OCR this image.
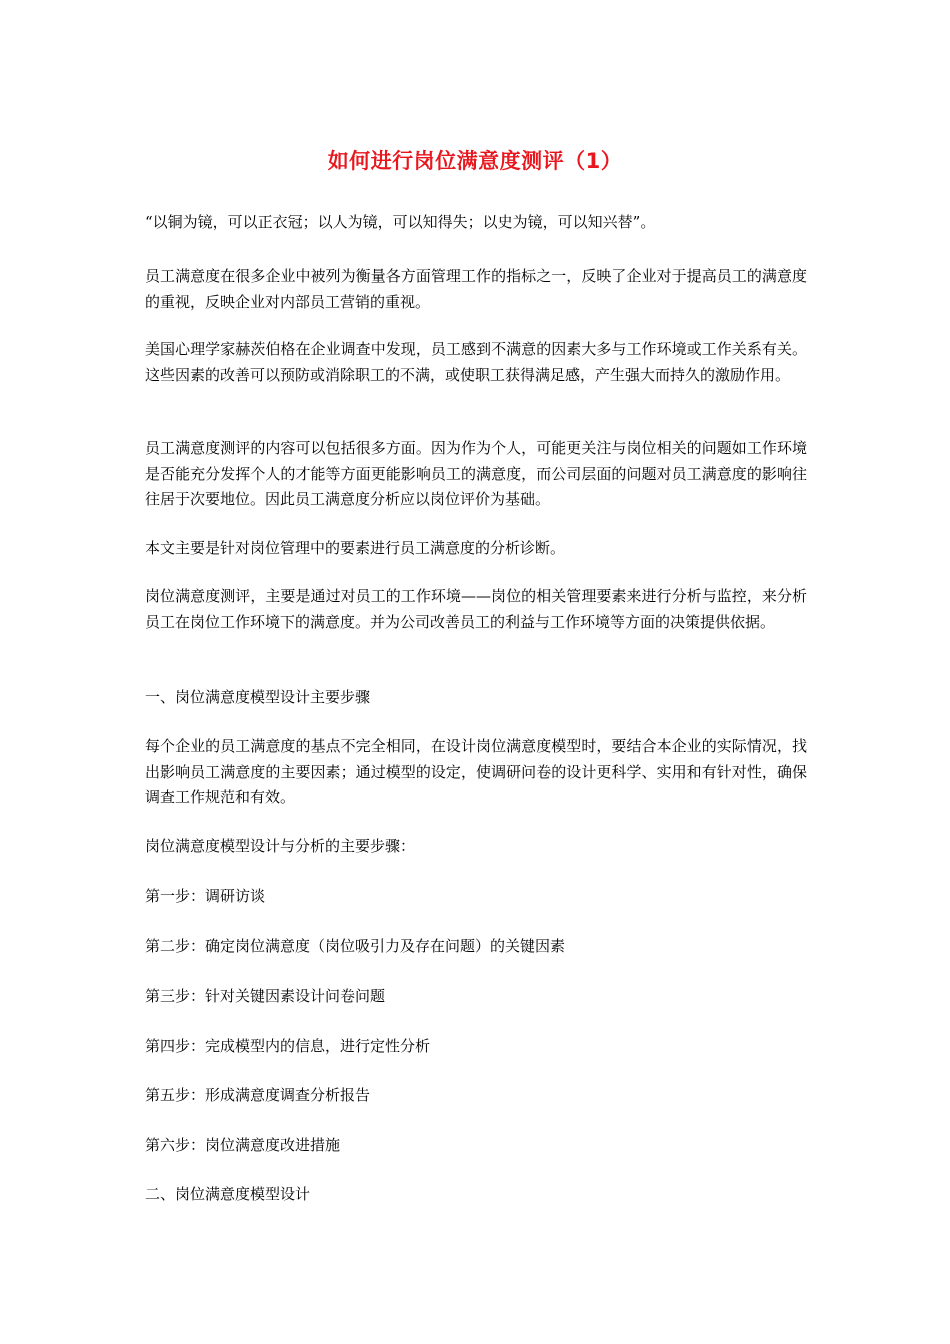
如何进行岗位满意度测评（1）

“以铜为镜，可以正衣冠；以人为镜，可以知得失；以史为镜，可以知兴替”。

员工满意度在很多企业中被列为衡量各方面管理工作的指标之一，反映了企业对于提高员工的满意度的重视，反映企业对内部员工营销的重视。

美国心理学家赫茨伯格在企业调查中发现，员工感到不满意的因素大多与工作环境或工作关系有关。这些因素的改善可以预防或消除职工的不满，或使职工获得满足感，产生强大而持久的激励作用。

员工满意度测评的内容可以包括很多方面。因为作为个人，可能更关注与岗位相关的问题如工作环境是否能充分发挥个人的才能等方面更能影响员工的满意度，而公司层面的问题对员工满意度的影响往往居于次要地位。因此员工满意度分析应以岗位评价为基础。

本文主要是针对岗位管理中的要素进行员工满意度的分析诊断。

岗位满意度测评，主要是通过对员工的工作环境——岗位的相关管理要素来进行分析与监控，来分析员工在岗位工作环境下的满意度。并为公司改善员工的利益与工作环境等方面的决策提供依据。

一、岗位满意度模型设计主要步骤

每个企业的员工满意度的基点不完全相同，在设计岗位满意度模型时，要结合本企业的实际情况，找出影响员工满意度的主要因素；通过模型的设定，使调研问卷的设计更科学、实用和有针对性，确保调查工作规范和有效。

岗位满意度模型设计与分析的主要步骤：

第一步：调研访谈

第二步：确定岗位满意度（岗位吸引力及存在问题）的关键因素

第三步：针对关键因素设计问卷问题

第四步：完成模型内的信息，进行定性分析

第五步：形成满意度调查分析报告

第六步：岗位满意度改进措施

二、岗位满意度模型设计
